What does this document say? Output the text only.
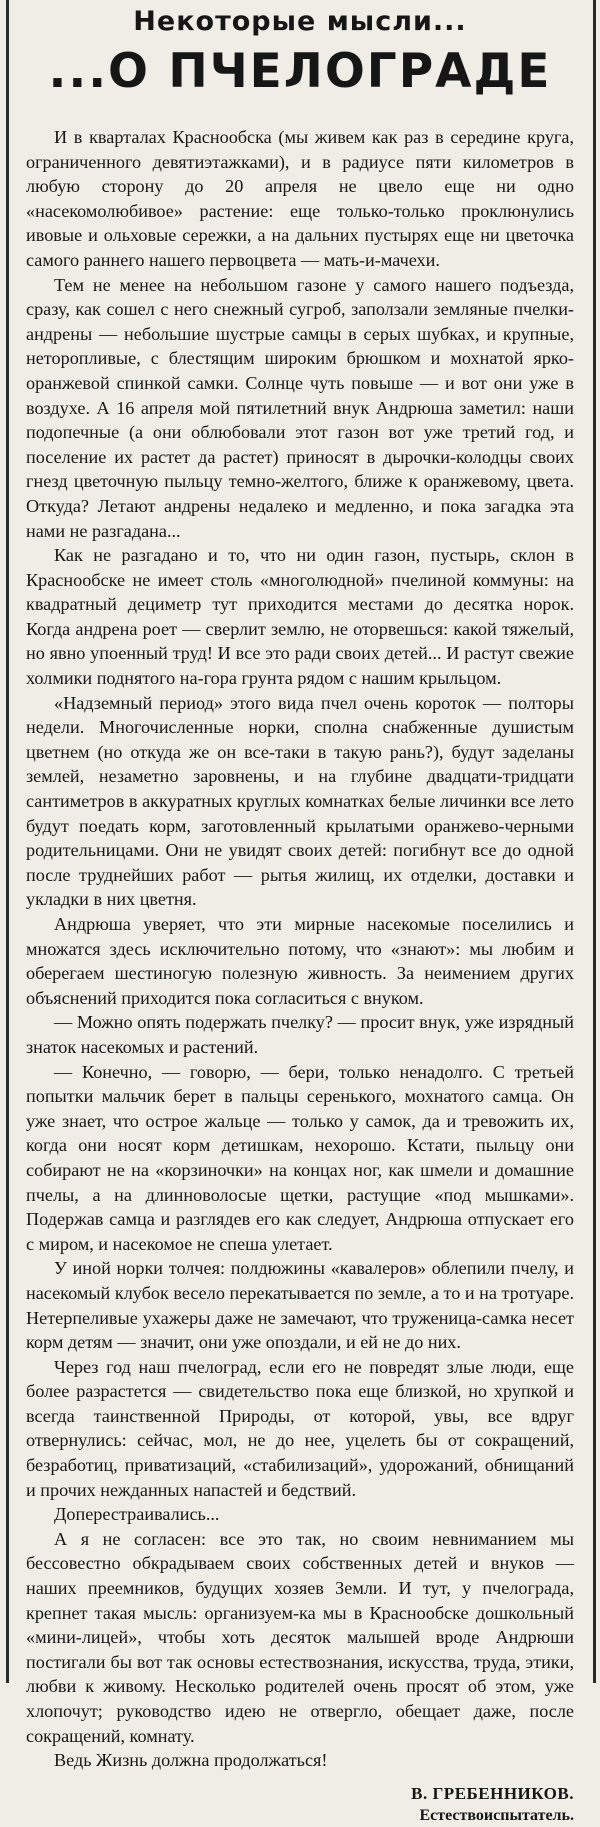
Некоторые мысли...
...О ПЧЕЛОГРАДЕ

И в кварталах Краснообска (мы живем как раз в середине круга, ограниченного девятиэтажками), и в радиусе пяти километров в любую сторону до 20 апреля не цвело еще ни одно «насекомолюбивое» растение: еще только-только проклюнулись ивовые и ольховые сережки, а на дальних пустырях еще ни цветочка самого раннего нашего первоцвета — мать-и-мачехи.

Тем не менее на небольшом газоне у самого нашего подъезда, сразу, как сошел с него снежный сугроб, заползали земляные пчелки-андрены — небольшие шустрые самцы в серых шубках, и крупные, неторопливые, с блестящим широким брюшком и мохнатой ярко-оранжевой спинкой самки. Солнце чуть повыше — и вот они уже в воздухе. А 16 апреля мой пятилетний внук Андрюша заметил: наши подопечные (а они облюбовали этот газон вот уже третий год, и поселение их растет да растет) приносят в дырочки-колодцы своих гнезд цветочную пыльцу темно-желтого, ближе к оранжевому, цвета. Откуда? Летают андрены недалеко и медленно, и пока загадка эта нами не разгадана...

Как не разгадано и то, что ни один газон, пустырь, склон в Краснообске не имеет столь «многолюдной» пчелиной коммуны: на квадратный дециметр тут приходится местами до десятка норок. Когда андрена роет — сверлит землю, не оторвешься: какой тяжелый, но явно упоенный труд! И все это ради своих детей... И растут свежие холмики поднятого на-гора грунта рядом с нашим крыльцом.

«Надземный период» этого вида пчел очень короток — полторы недели. Многочисленные норки, сполна снабженные душистым цветнем (но откуда же он все-таки в такую рань?), будут заделаны землей, незаметно заровнены, и на глубине двадцати-тридцати сантиметров в аккуратных круглых комнатках белые личинки все лето будут поедать корм, заготовленный крылатыми оранжево-черными родительницами. Они не увидят своих детей: погибнут все до одной после труднейших работ — рытья жилищ, их отделки, доставки и укладки в них цветня.

Андрюша уверяет, что эти мирные насекомые поселились и множатся здесь исключительно потому, что «знают»: мы любим и оберегаем шестиногую полезную живность. За неимением других объяснений приходится пока согласиться с внуком.

— Можно опять подержать пчелку? — просит внук, уже изрядный знаток насекомых и растений.

— Конечно, — говорю, — бери, только ненадолго. С третьей попытки мальчик берет в пальцы серенького, мохнатого самца. Он уже знает, что острое жальце — только у самок, да и тревожить их, когда они носят корм детишкам, нехорошо. Кстати, пыльцу они собирают не на «корзиночки» на концах ног, как шмели и домашние пчелы, а на длинноволосые щетки, растущие «под мышками». Подержав самца и разглядев его как следует, Андрюша отпускает его с миром, и насекомое не спеша улетает.

У иной норки толчея: полдюжины «кавалеров» облепили пчелу, и насекомый клубок весело перекатывается по земле, а то и на тротуаре. Нетерпеливые ухажеры даже не замечают, что труженица-самка несет корм детям — значит, они уже опоздали, и ей не до них.

Через год наш пчелоград, если его не повредят злые люди, еще более разрастется — свидетельство пока еще близкой, но хрупкой и всегда таинственной Природы, от которой, увы, все вдруг отвернулись: сейчас, мол, не до нее, уцелеть бы от сокращений, безработиц, приватизаций, «стабилизаций», удорожаний, обнищаний и прочих нежданных напастей и бедствий.

Доперестраивались...

А я не согласен: все это так, но своим невниманием мы бессовестно обкрадываем своих собственных детей и внуков — наших преемников, будущих хозяев Земли. И тут, у пчелограда, крепнет такая мысль: организуем-ка мы в Краснообске дошкольный «мини-лицей», чтобы хоть десяток малышей вроде Андрюши постигали бы вот так основы естествознания, искусства, труда, этики, любви к живому. Несколько родителей очень просят об этом, уже хлопочут; руководство идею не отвергло, обещает даже, после сокращений, комнату.

Ведь Жизнь должна продолжаться!

В. ГРЕБЕННИКОВ.
Естествоиспытатель.
